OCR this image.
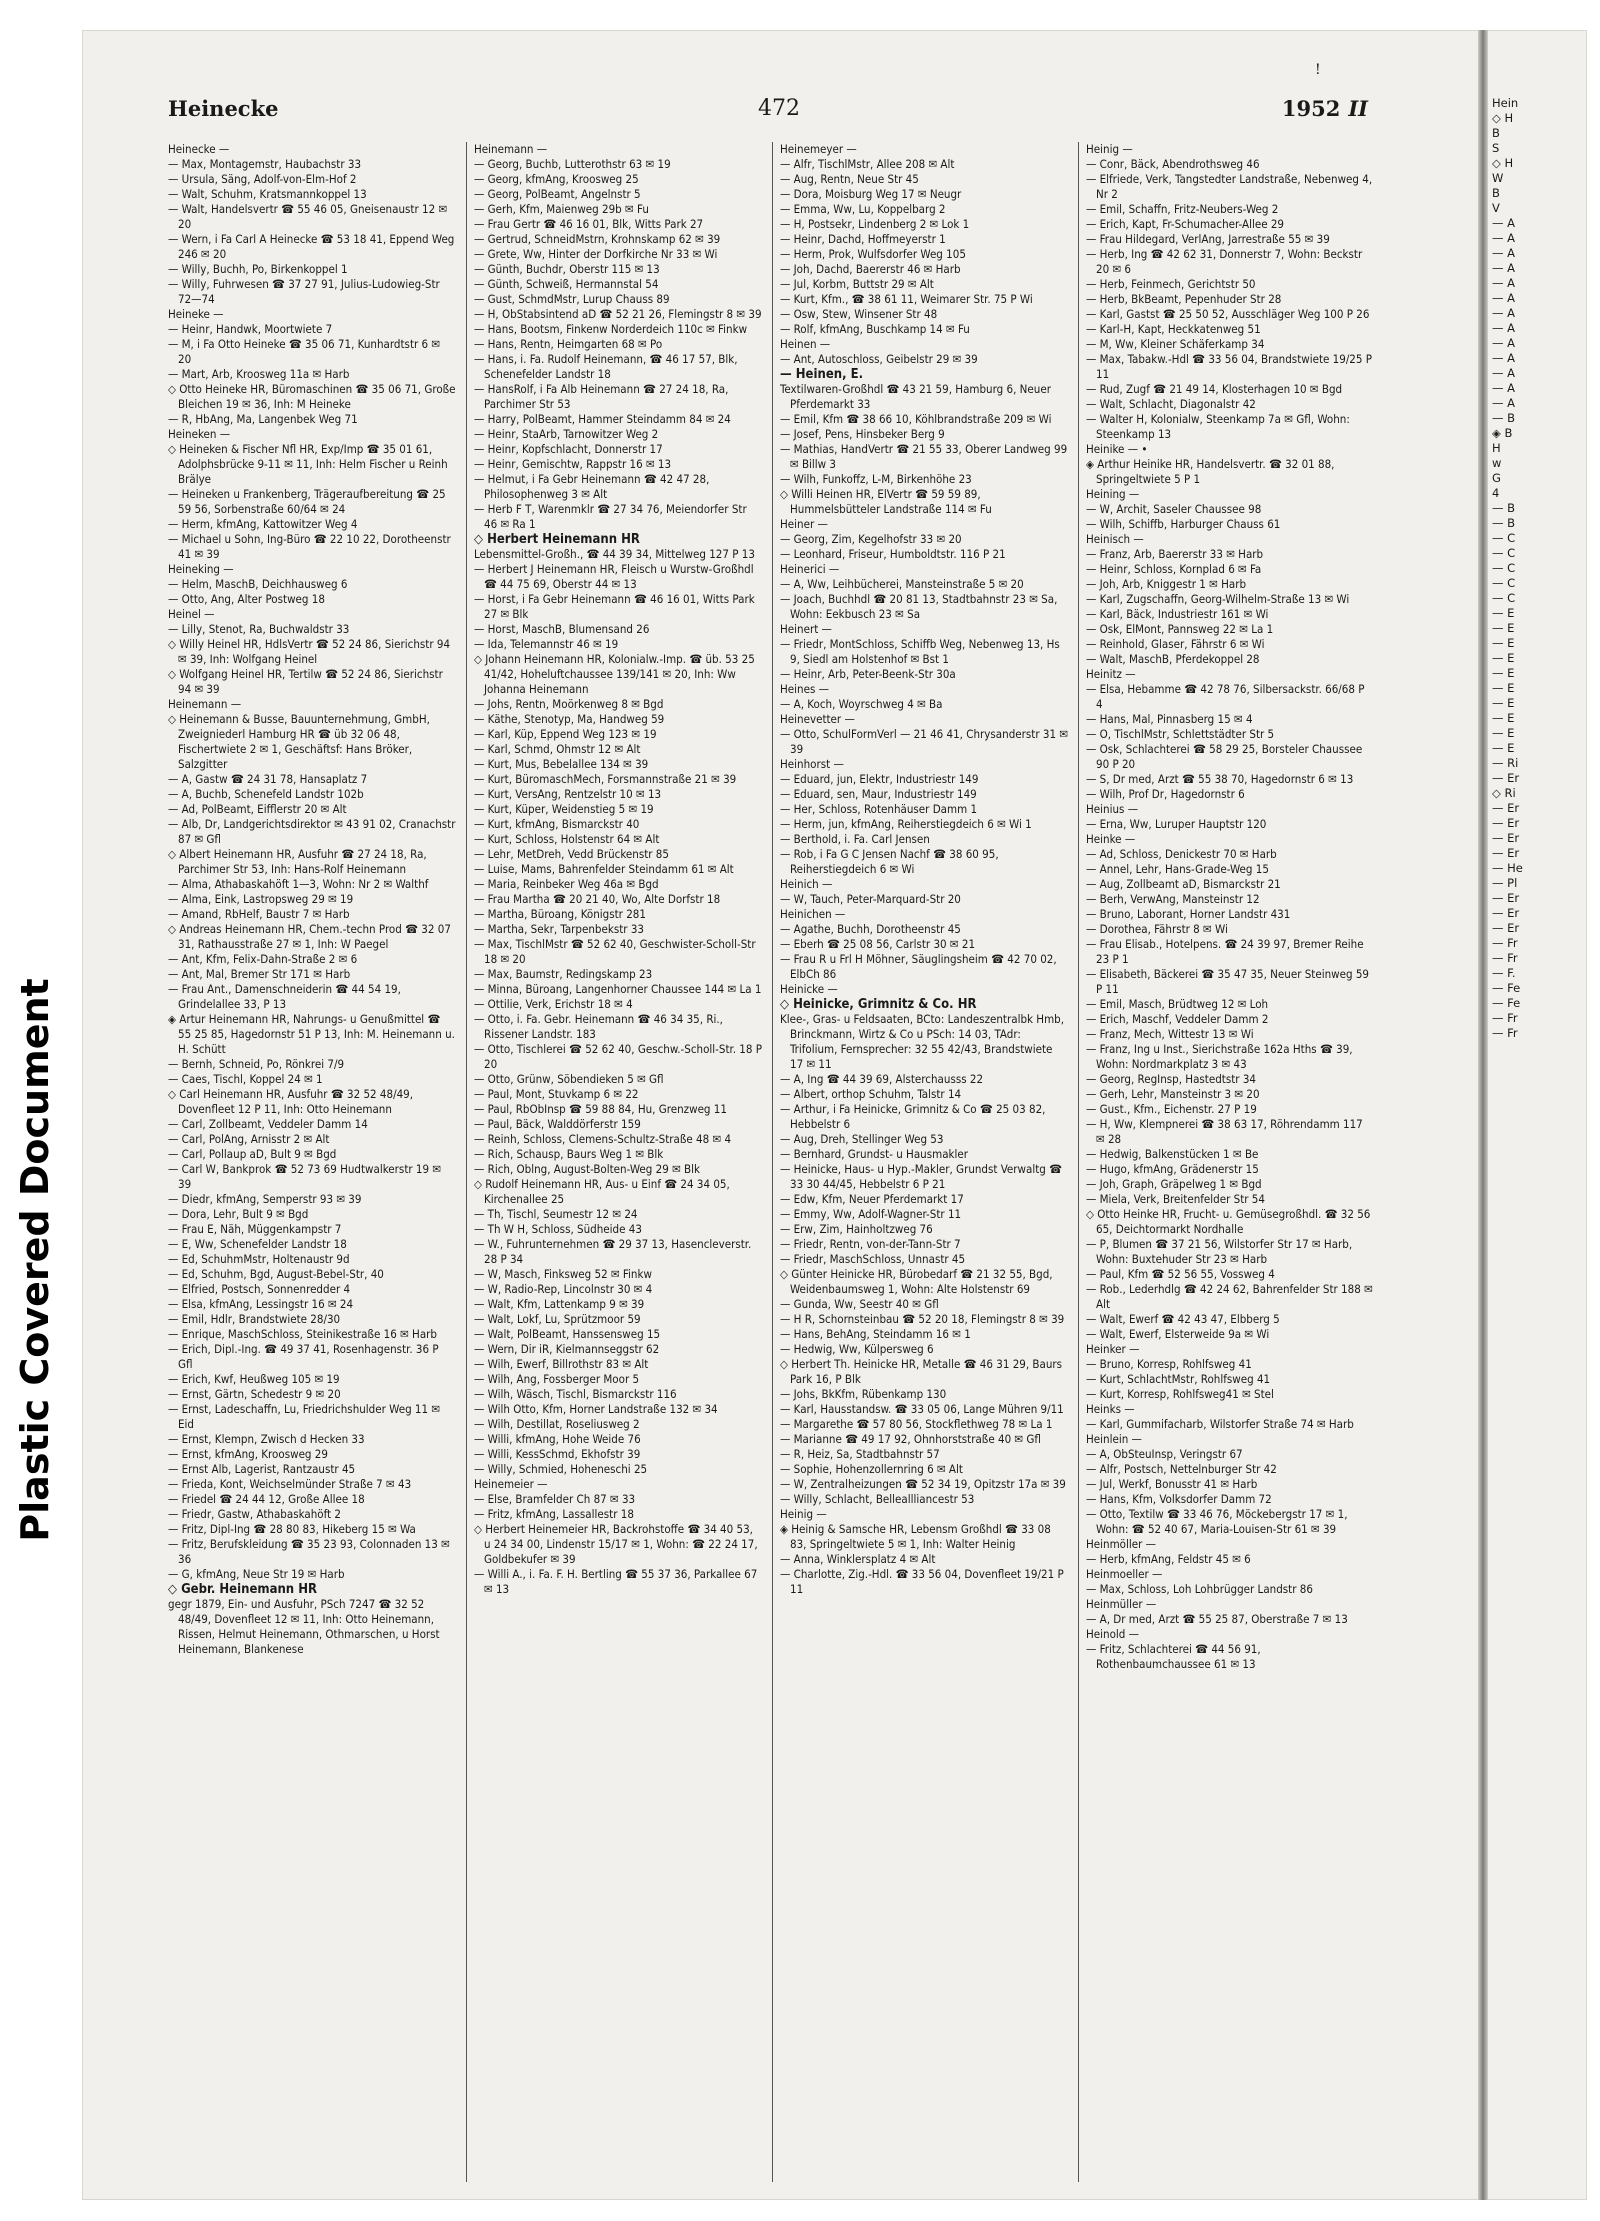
Plastic Covered Document
!
Heinecke	472	1952 II

Heinecke —

— Max, Montagemstr, Haubachstr 33

— Ursula, Säng, Adolf-von-Elm-Hof 2

— Walt, Schuhm, Kratsmannkoppel 13

— Walt, Handelsvertr ☎ 55 46 05, Gneisenaustr 12 ✉ 20

— Wern, i Fa Carl A Heinecke ☎ 53 18 41, Eppend Weg 246 ✉ 20

— Willy, Buchh, Po, Birkenkoppel 1

— Willy, Fuhrwesen ☎ 37 27 91, Julius-Ludowieg-Str 72—74

Heineke —

— Heinr, Handwk, Moortwiete 7

— M, i Fa Otto Heineke ☎ 35 06 71, Kunhardtstr 6 ✉ 20

— Mart, Arb, Kroosweg 11a ✉ Harb

◇ Otto Heineke HR, Büromaschinen ☎ 35 06 71, Große Bleichen 19 ✉ 36, Inh: M Heineke

— R, HbAng, Ma, Langenbek Weg 71

Heineken —

◇ Heineken & Fischer Nfl HR, Exp/Imp ☎ 35 01 61, Adolphsbrücke 9-11 ✉ 11, Inh: Helm Fischer u Reinh Brälye

— Heineken u Frankenberg, Trägeraufbereitung ☎ 25 59 56, Sorbenstraße 60/64 ✉ 24

— Herm, kfmAng, Kattowitzer Weg 4

— Michael u Sohn, Ing-Büro ☎ 22 10 22, Dorotheenstr 41 ✉ 39

Heineking —

— Helm, MaschB, Deichhausweg 6

— Otto, Ang, Alter Postweg 18

Heinel —

— Lilly, Stenot, Ra, Buchwaldstr 33

◇ Willy Heinel HR, HdlsVertr ☎ 52 24 86, Sierichstr 94 ✉ 39, Inh: Wolfgang Heinel

◇ Wolfgang Heinel HR, Tertilw ☎ 52 24 86, Sierichstr 94 ✉ 39

Heinemann —

◇ Heinemann & Busse, Bauunternehmung, GmbH, Zweigniederl Hamburg HR ☎ üb 32 06 48, Fischertwiete 2 ✉ 1, Geschäftsf: Hans Bröker, Salzgitter

— A, Gastw ☎ 24 31 78, Hansaplatz 7

— A, Buchb, Schenefeld Landstr 102b

— Ad, PolBeamt, Eifflerstr 20 ✉ Alt

— Alb, Dr, Landgerichtsdirektor ✉ 43 91 02, Cranachstr 87 ✉ Gfl

◇ Albert Heinemann HR, Ausfuhr ☎ 27 24 18, Ra, Parchimer Str 53, Inh: Hans-Rolf Heinemann

— Alma, Athabaskahöft 1—3, Wohn: Nr 2 ✉ Walthf

— Alma, Eink, Lastropsweg 29 ✉ 19

— Amand, RbHelf, Baustr 7 ✉ Harb

◇ Andreas Heinemann HR, Chem.-techn Prod ☎ 32 07 31, Rathausstraße 27 ✉ 1, Inh: W Paegel

— Ant, Kfm, Felix-Dahn-Straße 2 ✉ 6

— Ant, Mal, Bremer Str 171 ✉ Harb

— Frau Ant., Damenschneiderin ☎ 44 54 19, Grindelallee 33, P 13

◈ Artur Heinemann HR, Nahrungs- u Genußmittel ☎ 55 25 85, Hagedornstr 51 P 13, Inh: M. Heinemann u. H. Schütt

— Bernh, Schneid, Po, Rönkrei 7/9

— Caes, Tischl, Koppel 24 ✉ 1

◇ Carl Heinemann HR, Ausfuhr ☎ 32 52 48/49, Dovenfleet 12 P 11, Inh: Otto Heinemann

— Carl, Zollbeamt, Veddeler Damm 14

— Carl, PolAng, Arnisstr 2 ✉ Alt

— Carl, Pollaup aD, Bult 9 ✉ Bgd

— Carl W, Bankprok ☎ 52 73 69 Hudtwalkerstr 19 ✉ 39

— Diedr, kfmAng, Semperstr 93 ✉ 39

— Dora, Lehr, Bult 9 ✉ Bgd

— Frau E, Näh, Müggenkampstr 7

— E, Ww, Schenefelder Landstr 18

— Ed, SchuhmMstr, Holtenaustr 9d

— Ed, Schuhm, Bgd, August-Bebel-Str, 40

— Elfried, Postsch, Sonnenredder 4

— Elsa, kfmAng, Lessingstr 16 ✉ 24

— Emil, Hdlr, Brandstwiete 28/30

— Enrique, MaschSchloss, Steinikestraße 16 ✉ Harb

— Erich, Dipl.-Ing. ☎ 49 37 41, Rosenhagenstr. 36 P Gfl

— Erich, Kwf, Heußweg 105 ✉ 19

— Ernst, Gärtn, Schedestr 9 ✉ 20

— Ernst, Ladeschaffn, Lu, Friedrichshulder Weg 11 ✉ Eid

— Ernst, Klempn, Zwisch d Hecken 33

— Ernst, kfmAng, Kroosweg 29

— Ernst Alb, Lagerist, Rantzaustr 45

— Frieda, Kont, Weichselmünder Straße 7 ✉ 43

— Friedel ☎ 24 44 12, Große Allee 18

— Friedr, Gastw, Athabaskahöft 2

— Fritz, Dipl-Ing ☎ 28 80 83, Hikeberg 15 ✉ Wa

— Fritz, Berufskleidung ☎ 35 23 93, Colonnaden 13 ✉ 36

— G, kfmAng, Neue Str 19 ✉ Harb

◇ Gebr. Heinemann HR

gegr 1879, Ein- und Ausfuhr, PSch 7247 ☎ 32 52 48/49, Dovenfleet 12 ✉ 11, Inh: Otto Heinemann, Rissen, Helmut Heinemann, Othmarschen, u Horst Heinemann, Blankenese

Heinemann —

— Georg, Buchb, Lutterothstr 63 ✉ 19

— Georg, kfmAng, Kroosweg 25

— Georg, PolBeamt, Angelnstr 5

— Gerh, Kfm, Maienweg 29b ✉ Fu

— Frau Gertr ☎ 46 16 01, Blk, Witts Park 27

— Gertrud, SchneidMstrn, Krohnskamp 62 ✉ 39

— Grete, Ww, Hinter der Dorfkirche Nr 33 ✉ Wi

— Günth, Buchdr, Oberstr 115 ✉ 13

— Günth, Schweiß, Hermannstal 54

— Gust, SchmdMstr, Lurup Chauss 89

— H, ObStabsintend aD ☎ 52 21 26, Flemingstr 8 ✉ 39

— Hans, Bootsm, Finkenw Norderdeich 110c ✉ Finkw

— Hans, Rentn, Heimgarten 68 ✉ Po

— Hans, i. Fa. Rudolf Heinemann, ☎ 46 17 57, Blk, Schenefelder Landstr 18

— HansRolf, i Fa Alb Heinemann ☎ 27 24 18, Ra, Parchimer Str 53

— Harry, PolBeamt, Hammer Steindamm 84 ✉ 24

— Heinr, StaArb, Tarnowitzer Weg 2

— Heinr, Kopfschlacht, Donnerstr 17

— Heinr, Gemischtw, Rappstr 16 ✉ 13

— Helmut, i Fa Gebr Heinemann ☎ 42 47 28, Philosophenweg 3 ✉ Alt

— Herb F T, Warenmklr ☎ 27 34 76, Meiendorfer Str 46 ✉ Ra 1

◇ Herbert Heinemann HR

Lebensmittel-Großh., ☎ 44 39 34, Mittelweg 127 P 13

— Herbert J Heinemann HR, Fleisch u Wurstw-Großhdl ☎ 44 75 69, Oberstr 44 ✉ 13

— Horst, i Fa Gebr Heinemann ☎ 46 16 01, Witts Park 27 ✉ Blk

— Horst, MaschB, Blumensand 26

— Ida, Telemannstr 46 ✉ 19

◇ Johann Heinemann HR, Kolonialw.-Imp. ☎ üb. 53 25 41/42, Hoheluftchaussee 139/141 ✉ 20, Inh: Ww Johanna Heinemann

— Johs, Rentn, Moörkenweg 8 ✉ Bgd

— Käthe, Stenotyp, Ma, Handweg 59

— Karl, Küp, Eppend Weg 123 ✉ 19

— Karl, Schmd, Ohmstr 12 ✉ Alt

— Kurt, Mus, Bebelallee 134 ✉ 39

— Kurt, BüromaschMech, Forsmannstraße 21 ✉ 39

— Kurt, VersAng, Rentzelstr 10 ✉ 13

— Kurt, Küper, Weidenstieg 5 ✉ 19

— Kurt, kfmAng, Bismarckstr 40

— Kurt, Schloss, Holstenstr 64 ✉ Alt

— Lehr, MetDreh, Vedd Brückenstr 85

— Luise, Mams, Bahrenfelder Steindamm 61 ✉ Alt

— Maria, Reinbeker Weg 46a ✉ Bgd

— Frau Martha ☎ 20 21 40, Wo, Alte Dorfstr 18

— Martha, Büroang, Königstr 281

— Martha, Sekr, Tarpenbekstr 33

— Max, TischlMstr ☎ 52 62 40, Geschwister-Scholl-Str 18 ✉ 20

— Max, Baumstr, Redingskamp 23

— Minna, Büroang, Langenhorner Chaussee 144 ✉ La 1

— Ottilie, Verk, Erichstr 18 ✉ 4

— Otto, i. Fa. Gebr. Heinemann ☎ 46 34 35, Ri., Rissener Landstr. 183

— Otto, Tischlerei ☎ 52 62 40, Geschw.-Scholl-Str. 18 P 20

— Otto, Grünw, Söbendieken 5 ✉ Gfl

— Paul, Mont, Stuvkamp 6 ✉ 22

— Paul, RbObInsp ☎ 59 88 84, Hu, Grenzweg 11

— Paul, Bäck, Walddörferstr 159

— Reinh, Schloss, Clemens-Schultz-Straße 48 ✉ 4

— Rich, Schausp, Baurs Weg 1 ✉ Blk

— Rich, Oblng, August-Bolten-Weg 29 ✉ Blk

◇ Rudolf Heinemann HR, Aus- u Einf ☎ 24 34 05, Kirchenallee 25

— Th, Tischl, Seumestr 12 ✉ 24

— Th W H, Schloss, Südheide 43

— W., Fuhrunternehmen ☎ 29 37 13, Hasencleverstr. 28 P 34

— W, Masch, Finksweg 52 ✉ Finkw

— W, Radio-Rep, Lincolnstr 30 ✉ 4

— Walt, Kfm, Lattenkamp 9 ✉ 39

— Walt, Lokf, Lu, Sprützmoor 59

— Walt, PolBeamt, Hanssensweg 15

— Wern, Dir iR, Kielmannseggstr 62

— Wilh, Ewerf, Billrothstr 83 ✉ Alt

— Wilh, Ang, Fossberger Moor 5

— Wilh, Wäsch, Tischl, Bismarckstr 116

— Wilh Otto, Kfm, Horner Landstraße 132 ✉ 34

— Wilh, Destillat, Roseliusweg 2

— Willi, kfmAng, Hohe Weide 76

— Willi, KessSchmd, Ekhofstr 39

— Willy, Schmied, Hoheneschi 25

Heinemeier —

— Else, Bramfelder Ch 87 ✉ 33

— Fritz, kfmAng, Lassallestr 18

◇ Herbert Heinemeier HR, Backrohstoffe ☎ 34 40 53, u 24 34 00, Lindenstr 15/17 ✉ 1, Wohn: ☎ 22 24 17, Goldbekufer ✉ 39

— Willi A., i. Fa. F. H. Bertling ☎ 55 37 36, Parkallee 67 ✉ 13

Heinemeyer —

— Alfr, TischlMstr, Allee 208 ✉ Alt

— Aug, Rentn, Neue Str 45

— Dora, Moisburg Weg 17 ✉ Neugr

— Emma, Ww, Lu, Koppelbarg 2

— H, Postsekr, Lindenberg 2 ✉ Lok 1

— Heinr, Dachd, Hoffmeyerstr 1

— Herm, Prok, Wulfsdorfer Weg 105

— Joh, Dachd, Baererstr 46 ✉ Harb

— Jul, Korbm, Buttstr 29 ✉ Alt

— Kurt, Kfm., ☎ 38 61 11, Weimarer Str. 75 P Wi

— Osw, Stew, Winsener Str 48

— Rolf, kfmAng, Buschkamp 14 ✉ Fu

Heinen —

— Ant, Autoschloss, Geibelstr 29 ✉ 39

— Heinen, E.

Textilwaren-Großhdl ☎ 43 21 59, Hamburg 6, Neuer Pferdemarkt 33

— Emil, Kfm ☎ 38 66 10, Köhlbrandstraße 209 ✉ Wi

— Josef, Pens, Hinsbeker Berg 9

— Mathias, HandVertr ☎ 21 55 33, Oberer Landweg 99 ✉ Billw 3

— Wilh, Funkoffz, L-M, Birkenhöhe 23

◇ Willi Heinen HR, ElVertr ☎ 59 59 89, Hummelsbütteler Landstraße 114 ✉ Fu

Heiner —

— Georg, Zim, Kegelhofstr 33 ✉ 20

— Leonhard, Friseur, Humboldtstr. 116 P 21

Heinerici —

— A, Ww, Leihbücherei, Mansteinstraße 5 ✉ 20

— Joach, Buchhdl ☎ 20 81 13, Stadtbahnstr 23 ✉ Sa, Wohn: Eekbusch 23 ✉ Sa

Heinert —

— Friedr, MontSchloss, Schiffb Weg, Nebenweg 13, Hs 9, Siedl am Holstenhof ✉ Bst 1

— Heinr, Arb, Peter-Beenk-Str 30a

Heines —

— A, Koch, Woyrschweg 4 ✉ Ba

Heinevetter —

— Otto, SchulFormVerl — 21 46 41, Chrysanderstr 31 ✉ 39

Heinhorst —

— Eduard, jun, Elektr, Industriestr 149

— Eduard, sen, Maur, Industriestr 149

— Her, Schloss, Rotenhäuser Damm 1

— Herm, jun, kfmAng, Reiherstiegdeich 6 ✉ Wi 1

— Berthold, i. Fa. Carl Jensen

— Rob, i Fa G C Jensen Nachf ☎ 38 60 95, Reiherstiegdeich 6 ✉ Wi

Heinich —

— W, Tauch, Peter-Marquard-Str 20

Heinichen —

— Agathe, Buchh, Dorotheenstr 45

— Eberh ☎ 25 08 56, Carlstr 30 ✉ 21

— Frau R u Frl H Möhner, Säuglingsheim ☎ 42 70 02, ElbCh 86

Heinicke —

◇ Heinicke, Grimnitz & Co. HR

Klee-, Gras- u Feldsaaten, BCto: Landeszentralbk Hmb, Brinckmann, Wirtz & Co u PSch: 14 03, TAdr: Trifolium, Fernsprecher: 32 55 42/43, Brandstwiete 17 ✉ 11

— A, Ing ☎ 44 39 69, Alsterchausss 22

— Albert, orthop Schuhm, Talstr 14

— Arthur, i Fa Heinicke, Grimnitz & Co ☎ 25 03 82, Hebbelstr 6

— Aug, Dreh, Stellinger Weg 53

— Bernhard, Grundst- u Hausmakler

— Heinicke, Haus- u Hyp.-Makler, Grundst Verwaltg ☎ 33 30 44/45, Hebbelstr 6 P 21

— Edw, Kfm, Neuer Pferdemarkt 17

— Emmy, Ww, Adolf-Wagner-Str 11

— Erw, Zim, Hainholtzweg 76

— Friedr, Rentn, von-der-Tann-Str 7

— Friedr, MaschSchloss, Unnastr 45

◇ Günter Heinicke HR, Bürobedarf ☎ 21 32 55, Bgd, Weidenbaumsweg 1, Wohn: Alte Holstenstr 69

— Gunda, Ww, Seestr 40 ✉ Gfl

— H R, Schornsteinbau ☎ 52 20 18, Flemingstr 8 ✉ 39

— Hans, BehAng, Steindamm 16 ✉ 1

— Hedwig, Ww, Külpersweg 6

◇ Herbert Th. Heinicke HR, Metalle ☎ 46 31 29, Baurs Park 16, P Blk

— Johs, BkKfm, Rübenkamp 130

— Karl, Hausstandsw. ☎ 33 05 06, Lange Mühren 9/11

— Margarethe ☎ 57 80 56, Stockflethweg 78 ✉ La 1

— Marianne ☎ 49 17 92, Ohnhorststraße 40 ✉ Gfl

— R, Heiz, Sa, Stadtbahnstr 57

— Sophie, Hohenzollernring 6 ✉ Alt

— W, Zentralheizungen ☎ 52 34 19, Opitzstr 17a ✉ 39

— Willy, Schlacht, Belleallliancestr 53

Heinig —

◈ Heinig & Samsche HR, Lebensm Großhdl ☎ 33 08 83, Springeltwiete 5 ✉ 1, Inh: Walter Heinig

— Anna, Winklersplatz 4 ✉ Alt

— Charlotte, Zig.-Hdl. ☎ 33 56 04, Dovenfleet 19/21 P 11

Heinig —

— Conr, Bäck, Abendrothsweg 46

— Elfriede, Verk, Tangstedter Landstraße, Nebenweg 4, Nr 2

— Emil, Schaffn, Fritz-Neubers-Weg 2

— Erich, Kapt, Fr-Schumacher-Allee 29

— Frau Hildegard, VerlAng, Jarrestraße 55 ✉ 39

— Herb, Ing ☎ 42 62 31, Donnerstr 7, Wohn: Beckstr 20 ✉ 6

— Herb, Feinmech, Gerichtstr 50

— Herb, BkBeamt, Pepenhuder Str 28

— Karl, Gastst ☎ 25 50 52, Ausschläger Weg 100 P 26

— Karl-H, Kapt, Heckkatenweg 51

— M, Ww, Kleiner Schäferkamp 34

— Max, Tabakw.-Hdl ☎ 33 56 04, Brandstwiete 19/25 P 11

— Rud, Zugf ☎ 21 49 14, Klosterhagen 10 ✉ Bgd

— Walt, Schlacht, Diagonalstr 42

— Walter H, Kolonialw, Steenkamp 7a ✉ Gfl, Wohn: Steenkamp 13

Heinike — •

◈ Arthur Heinike HR, Handelsvertr. ☎ 32 01 88, Springeltwiete 5 P 1

Heining —

— W, Archit, Saseler Chaussee 98

— Wilh, Schiffb, Harburger Chauss 61

Heinisch —

— Franz, Arb, Baererstr 33 ✉ Harb

— Heinr, Schloss, Kornplad 6 ✉ Fa

— Joh, Arb, Kniggestr 1 ✉ Harb

— Karl, Zugschaffn, Georg-Wilhelm-Straße 13 ✉ Wi

— Karl, Bäck, Industriestr 161 ✉ Wi

— Osk, ElMont, Pannsweg 22 ✉ La 1

— Reinhold, Glaser, Fährstr 6 ✉ Wi

— Walt, MaschB, Pferdekoppel 28

Heinitz —

— Elsa, Hebamme ☎ 42 78 76, Silbersackstr. 66/68 P 4

— Hans, Mal, Pinnasberg 15 ✉ 4

— O, TischlMstr, Schlettstädter Str 5

— Osk, Schlachterei ☎ 58 29 25, Borsteler Chaussee 90 P 20

— S, Dr med, Arzt ☎ 55 38 70, Hagedornstr 6 ✉ 13

— Wilh, Prof Dr, Hagedornstr 6

Heinius —

— Erna, Ww, Luruper Hauptstr 120

Heinke —

— Ad, Schloss, Denickestr 70 ✉ Harb

— Annel, Lehr, Hans-Grade-Weg 15

— Aug, Zollbeamt aD, Bismarckstr 21

— Berh, VerwAng, Mansteinstr 12

— Bruno, Laborant, Horner Landstr 431

— Dorothea, Fährstr 8 ✉ Wi

— Frau Elisab., Hotelpens. ☎ 24 39 97, Bremer Reihe 23 P 1

— Elisabeth, Bäckerei ☎ 35 47 35, Neuer Steinweg 59 P 11

— Emil, Masch, Brüdtweg 12 ✉ Loh

— Erich, Maschf, Veddeler Damm 2

— Franz, Mech, Wittestr 13 ✉ Wi

— Franz, Ing u Inst., Sierichstraße 162a Hths ☎ 39, Wohn: Nordmarkplatz 3 ✉ 43

— Georg, RegInsp, Hastedtstr 34

— Gerh, Lehr, Mansteinstr 3 ✉ 20

— Gust., Kfm., Eichenstr. 27 P 19

— H, Ww, Klempnerei ☎ 38 63 17, Röhrendamm 117 ✉ 28

— Hedwig, Balkenstücken 1 ✉ Be

— Hugo, kfmAng, Grädenerstr 15

— Joh, Graph, Gräpelweg 1 ✉ Bgd

— Miela, Verk, Breitenfelder Str 54

◇ Otto Heinke HR, Frucht- u. Gemüsegroßhdl. ☎ 32 56 65, Deichtormarkt Nordhalle

— P, Blumen ☎ 37 21 56, Wilstorfer Str 17 ✉ Harb, Wohn: Buxtehuder Str 23 ✉ Harb

— Paul, Kfm ☎ 52 56 55, Vossweg 4

— Rob., Lederhdlg ☎ 42 24 62, Bahrenfelder Str 188 ✉ Alt

— Walt, Ewerf ☎ 42 43 47, Elbberg 5

— Walt, Ewerf, Elsterweide 9a ✉ Wi

Heinker —

— Bruno, Korresp, Rohlfsweg 41

— Kurt, SchlachtMstr, Rohlfsweg 41

— Kurt, Korresp, Rohlfsweg41 ✉ Stel

Heinks —

— Karl, Gummifacharb, Wilstorfer Straße 74 ✉ Harb

Heinlein —

— A, ObSteuInsp, Veringstr 67

— Alfr, Postsch, Nettelnburger Str 42

— Jul, Werkf, Bonusstr 41 ✉ Harb

— Hans, Kfm, Volksdorfer Damm 72

— Otto, Textilw ☎ 33 46 76, Möckebergstr 17 ✉ 1, Wohn: ☎ 52 40 67, Maria-Louisen-Str 61 ✉ 39

Heinmöller —

— Herb, kfmAng, Feldstr 45 ✉ 6

Heinmoeller —

— Max, Schloss, Loh Lohbrügger Landstr 86

Heinmüller —

— A, Dr med, Arzt ☎ 55 25 87, Oberstraße 7 ✉ 13

Heinold —

— Fritz, Schlachterei ☎ 44 56 91, Rothenbaumchaussee 61 ✉ 13

Hein

◇ H

B

S

◇ H

W

B

V

— A

— A

— A

— A

— A

— A

— A

— A

— A

— A

— A

— A

— A

— B

◈ B

H

w

G

4

— B

— B

— C

— C

— C

— C

— C

— E

— E

— E

— E

— E

— E

— E

— E

— E

— E

— Ri

— Er

◇ Ri

— Er

— Er

— Er

— Er

— He

— Pl

— Er

— Er

— Er

— Fr

— Fr

— F.

— Fe

— Fe

— Fr

— Fr
